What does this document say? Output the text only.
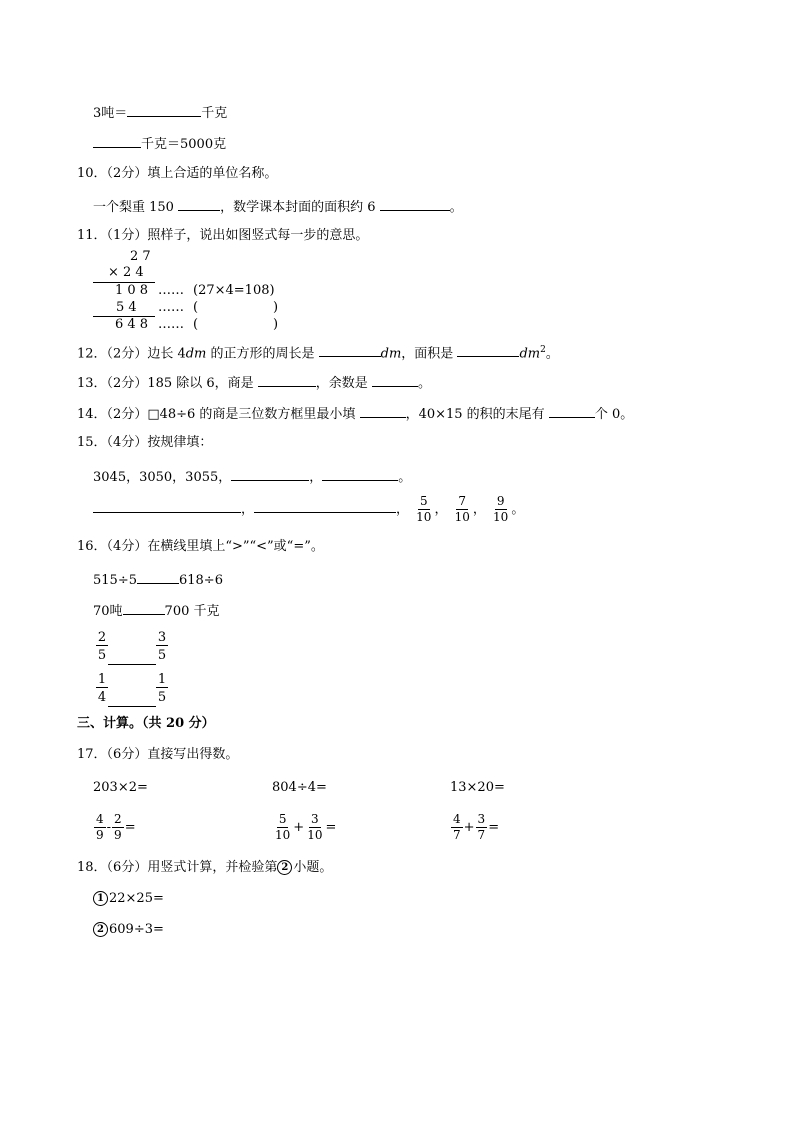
3吨＝	千克
千克＝5000克
10．（2分）填上合适的单位名称。
一个梨重 150	，数学课本封面的面积约 6	。
11．（1分）照样子，说出如图竖式每一步的意思。
2 7
× 2 4
1 0 8 …… (27×4=108)
5 4 …… (	)
6 4 8 …… (	)
12．（2分）边长 4dm 的正方形的周长是	dm，面积是	$dm^2$。
13．（2分）185 除以 6，商是	，余数是	。
14．（2分）□48÷6 的商是三位数方框里最小填	，40×15 的积的末尾有	个 0。
15．（4分）按规律填：
3045，3050，3055，	，	。
，	， $\frac{5}{10}$ ， $\frac{7}{10}$ ， $\frac{9}{10}$ 。
16．（4分）在横线里填上“>”“<”或“=”。
515÷5	618÷6
70吨	700 千克
2
5
3
5
1
4
1
5
三、计算。（共 20 分）
17．（6分）直接写出得数。
203×2=	804÷4=	13×20=
$\frac{4}{9} - \frac{2}{9}$ =	$\frac{5}{10} + \frac{3}{10}$ =	$\frac{4}{7} + \frac{3}{7}$ =
18．（6分）用竖式计算，并检验第 2 小题。
1 22×25=
2 609÷3=
